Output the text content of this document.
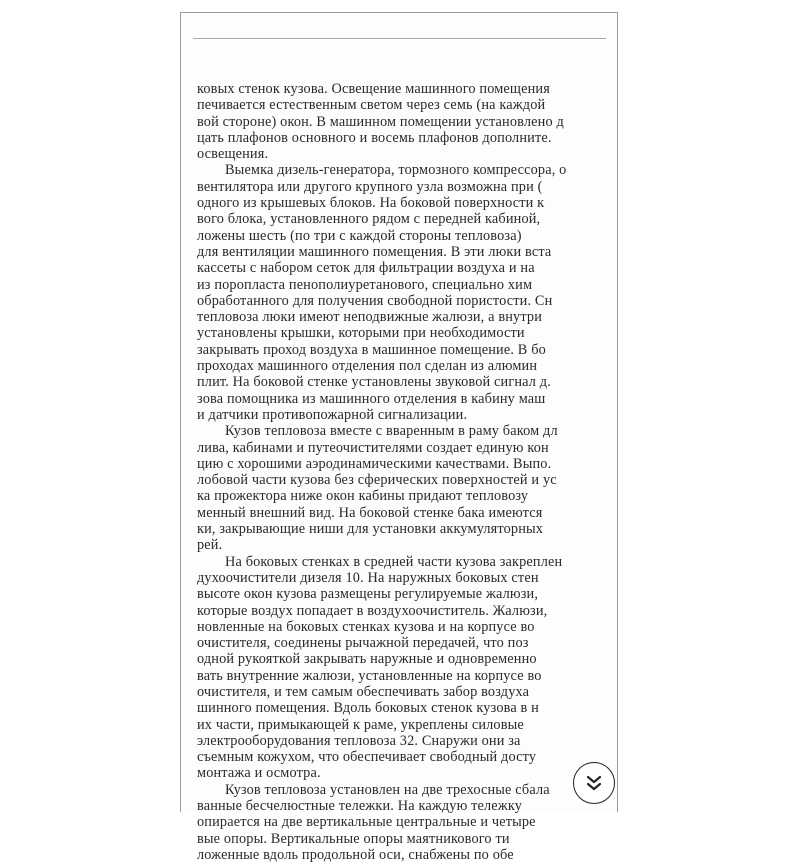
ковых стенок кузова. Освещение машинного помещения
печивается естественным светом через семь (на каждой
вой стороне) окон. В машинном помещении установлено д
цать плафонов основного и восемь плафонов дополните.
освещения.
Выемка дизель-генератора, тормозного компрессора, о
вентилятора или другого крупного узла возможна при (
одного из крышевых блоков. На боковой поверхности к
вого блока, установленного рядом с передней кабиной,
ложены шесть (по три с каждой стороны тепловоза)
для вентиляции машинного помещения. В эти люки вста
кассеты с набором сеток для фильтрации воздуха и на
из поропласта пенополиуретанового, специально хим
обработанного для получения свободной пористости. Сн
тепловоза люки имеют неподвижные жалюзи, а внутри
установлены крышки, которыми при необходимости
закрывать проход воздуха в машинное помещение. В бо
проходах машинного отделения пол сделан из алюмин
плит. На боковой стенке установлены звуковой сигнал д.
зова помощника из машинного отделения в кабину маш
и датчики противопожарной сигнализации.
Кузов тепловоза вместе с вваренным в раму баком дл
лива, кабинами и путеочистителями создает единую кон
цию с хорошими аэродинамическими качествами. Выпо.
лобовой части кузова без сферических поверхностей и ус
ка прожектора ниже окон кабины придают тепловозу
менный внешний вид. На боковой стенке бака имеются
ки, закрывающие ниши для установки аккумуляторных
рей.
На боковых стенках в средней части кузова закреплен
духоочистители дизеля 10. На наружных боковых стен
высоте окон кузова размещены регулируемые жалюзи,
которые воздух попадает в воздухоочиститель. Жалюзи,
новленные на боковых стенках кузова и на корпусе во
очистителя, соединены рычажной передачей, что поз
одной рукояткой закрывать наружные и одновременно
вать внутренние жалюзи, установленные на корпусе во
очистителя, и тем самым обеспечивать забор воздуха
шинного помещения. Вдоль боковых стенок кузова в н
их части, примыкающей к раме, укреплены силовые
электрооборудования тепловоза 32. Снаружи они за
съемным кожухом, что обеспечивает свободный досту
монтажа и осмотра.
Кузов тепловоза установлен на две трехосные сбала
ванные бесчелюстные тележки. На каждую тележку
опирается на две вертикальные центральные и четыре
вые опоры. Вертикальные опоры маятникового ти
ложенные вдоль продольной оси, снабжены по обе
